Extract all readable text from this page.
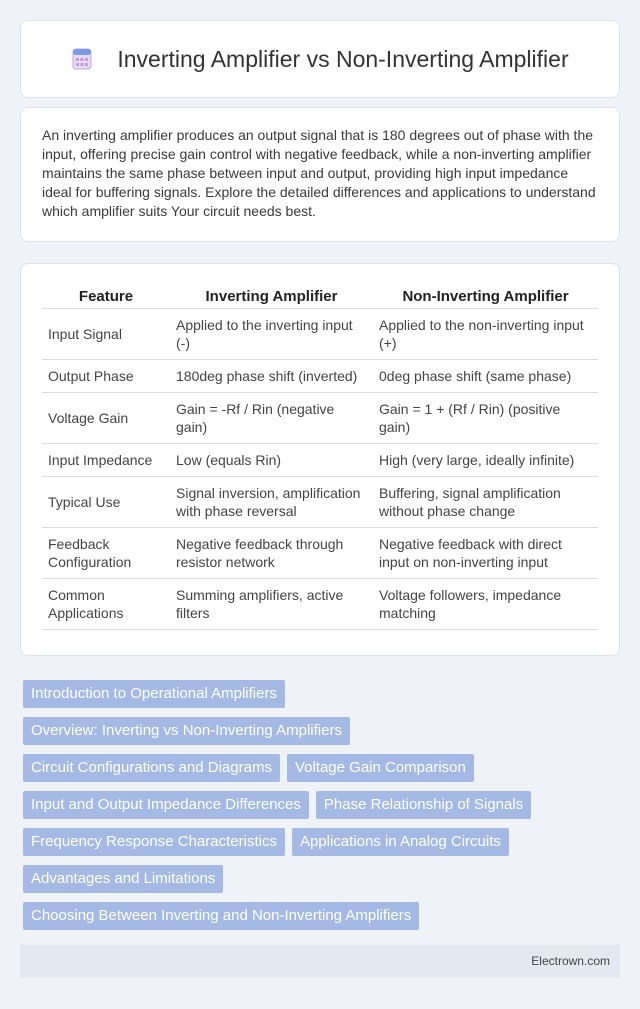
Inverting Amplifier vs Non-Inverting Amplifier

An inverting amplifier produces an output signal that is 180 degrees out of phase with the input, offering precise gain control with negative feedback, while a non-inverting amplifier maintains the same phase between input and output, providing high input impedance ideal for buffering signals. Explore the detailed differences and applications to understand which amplifier suits Your circuit needs best.

Feature	Inverting Amplifier	Non-Inverting Amplifier
Input Signal	Applied to the inverting input (-)	Applied to the non-inverting input (+)
Output Phase	180deg phase shift (inverted)	0deg phase shift (same phase)
Voltage Gain	Gain = -Rf / Rin (negative gain)	Gain = 1 + (Rf / Rin) (positive gain)
Input Impedance	Low (equals Rin)	High (very large, ideally infinite)
Typical Use	Signal inversion, amplification with phase reversal	Buffering, signal amplification without phase change
Feedback Configuration	Negative feedback through resistor network	Negative feedback with direct input on non-inverting input
Common Applications	Summing amplifiers, active filters	Voltage followers, impedance matching
Introduction to Operational Amplifiers
Overview: Inverting vs Non-Inverting Amplifiers
Circuit Configurations and Diagrams	Voltage Gain Comparison
Input and Output Impedance Differences	Phase Relationship of Signals
Frequency Response Characteristics	Applications in Analog Circuits
Advantages and Limitations
Choosing Between Inverting and Non-Inverting Amplifiers
Electrown.com
